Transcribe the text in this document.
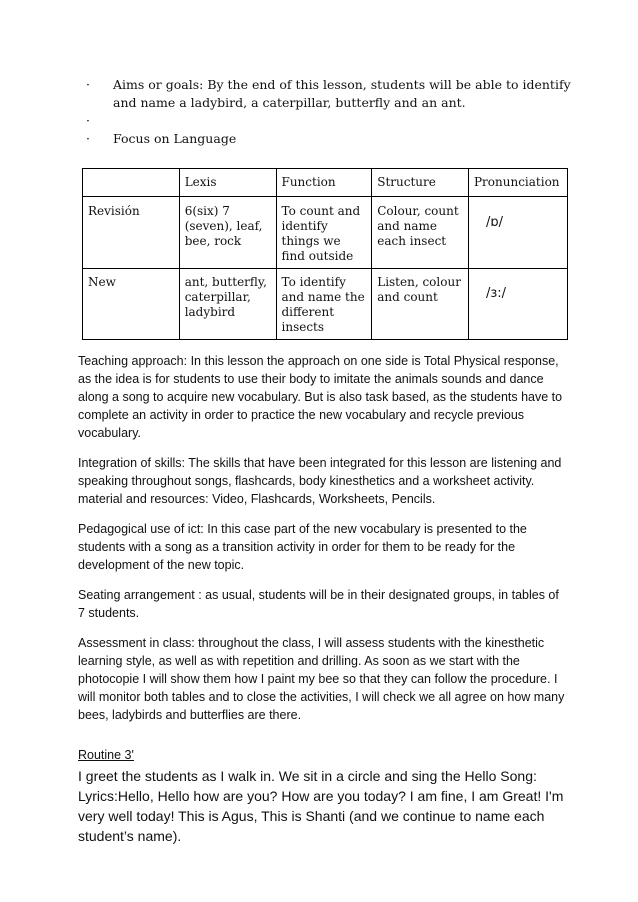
·	Aims or goals: By the end of this lesson, students will be able to identify and name a ladybird, a caterpillar, butterfly and an ant.
·
·	Focus on Language
	Lexis	Function	Structure	Pronunciation
Revisión	6(six) 7 (seven), leaf, bee, rock	To count and identify things we find outside	Colour, count and name each insect	/ɒ/

New	ant, butterfly, caterpillar, ladybird	To identify and name the different insects	Listen, colour and count	/ɜ:/

Teaching approach: In this lesson the approach on one side is Total Physical response, as the idea is for students to use their body to imitate the animals sounds and dance along a song to acquire new vocabulary. But is also task based, as the students have to complete an activity in order to practice the new vocabulary and recycle previous vocabulary.

Integration of skills: The skills that have been integrated for this lesson are listening and speaking throughout songs, flashcards, body kinesthetics and a worksheet activity.

material and resources: Video, Flashcards, Worksheets, Pencils.

Pedagogical use of ict: In this case part of the new vocabulary is presented to the students with a song as a transition activity in order for them to be ready for the development of the new topic.

Seating arrangement : as usual, students will be in their designated groups, in tables of 7 students.

Assessment in class: throughout the class, I will assess students with the kinesthetic learning style, as well as with repetition and drilling. As soon as we start with the photocopie I will show them how I paint my bee so that they can follow the procedure. I will monitor both tables and to close the activities, I will check we all agree on how many bees, ladybirds and butterflies are there.

Routine 3'

I greet the students as I walk in. We sit in a circle and sing the Hello Song: Lyrics:Hello, Hello how are you? How are you today? I am fine, I am Great! I'm very well today! This is Agus, This is Shanti (and we continue to name each student’s name).
